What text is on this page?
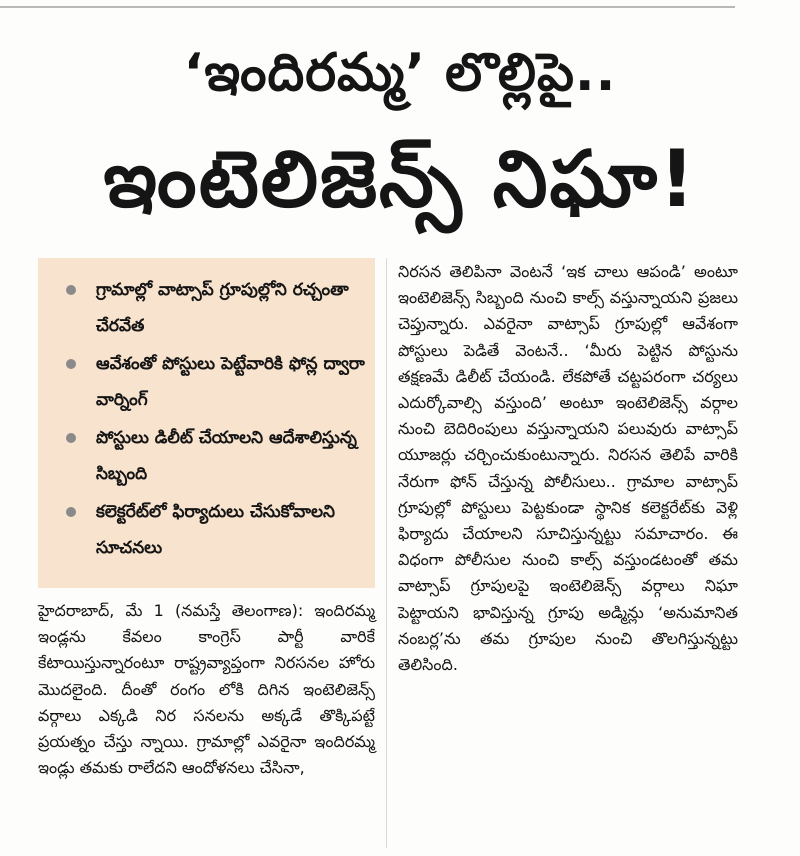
‘ఇందిరమ్మ’ లొల్లిపై..
ఇంటెలిజెన్స్ నిఘా!
గ్రామాల్లో వాట్సాప్ గ్రూపుల్లోని రచ్చంతా చేరవేత
ఆవేశంతో పోస్టులు పెట్టేవారికి ఫోన్ల ద్వారా వార్నింగ్
పోస్టులు డిలీట్ చేయాలని ఆదేశాలిస్తున్న సిబ్బంది
కలెక్టరేట్‌లో ఫిర్యాదులు చేసుకోవాలని సూచనలు

హైదరాబాద్, మే 1 (నమస్తే తెలంగాణ): ఇందిరమ్మ ఇండ్లను కేవలం కాంగ్రెస్ పార్టీ వారికే కేటాయిస్తున్నారంటూ రాష్ట్రవ్యాప్తంగా నిరసనల హోరు మొదలైంది. దీంతో రంగం లోకి దిగిన ఇంటెలిజెన్స్ వర్గాలు ఎక్కడి నిర సనలను అక్కడే తొక్కిపట్టే ప్రయత్నం చేస్తు న్నాయి. గ్రామాల్లో ఎవరైనా ఇందిరమ్మ ఇండ్లు తమకు రాలేదని ఆందోళనలు చేసినా,

నిరసన తెలిపినా వెంటనే ‘ఇక చాలు ఆపండి’ అంటూ ఇంటెలిజెన్స్ సిబ్బంది నుంచి కాల్స్ వస్తున్నాయని ప్రజలు చెప్తున్నారు. ఎవరైనా వాట్సాప్ గ్రూపుల్లో ఆవేశంగా పోస్టులు పెడితే వెంటనే.. ‘మీరు పెట్టిన పోస్టును తక్షణమే డిలీట్ చేయండి. లేకపోతే చట్టపరంగా చర్యలు ఎదుర్కోవాల్సి వస్తుంది’ అంటూ ఇంటెలిజెన్స్ వర్గాల నుంచి బెదిరింపులు వస్తున్నాయని పలువురు వాట్సాప్ యూజర్లు చర్చించుకుంటున్నారు. నిరసన తెలిపే వారికి నేరుగా ఫోన్ చేస్తున్న పోలీసులు.. గ్రామాల వాట్సాప్ గ్రూపుల్లో పోస్టులు పెట్టకుండా స్థానిక కలెక్టరేట్‌కు వెళ్లి ఫిర్యాదు చేయాలని సూచిస్తున్నట్టు సమాచారం. ఈ విధంగా పోలీసుల నుంచి కాల్స్ వస్తుండటంతో తమ వాట్సాప్ గ్రూపులపై ఇంటెలిజెన్స్ వర్గాలు నిఘా పెట్టాయని భావిస్తున్న గ్రూపు అడ్మిన్లు ‘అనుమానిత నంబర్ల’ను తమ గ్రూపుల నుంచి తొలగిస్తున్నట్టు తెలిసింది.
